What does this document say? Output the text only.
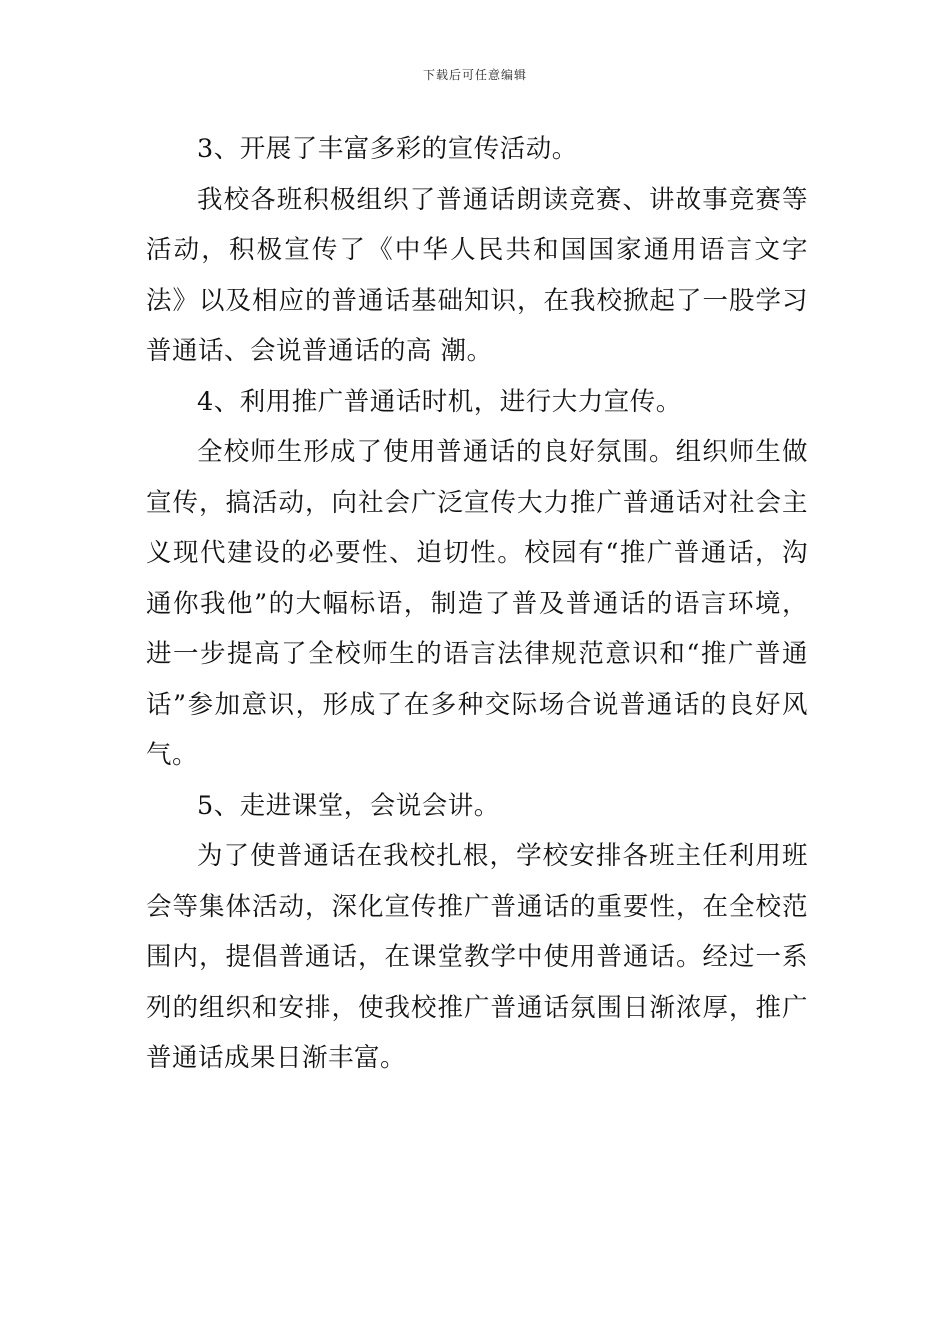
下载后可任意编辑

3、开展了丰富多彩的宣传活动。

我校各班积极组织了普通话朗读竞赛、讲故事竞赛等活动，积极宣传了《中华人民共和国国家通用语言文字法》以及相应的普通话基础知识，在我校掀起了一股学习普通话、会说普通话的高 潮。

4、利用推广普通话时机，进行大力宣传。

全校师生形成了使用普通话的良好氛围。组织师生做宣传，搞活动，向社会广泛宣传大力推广普通话对社会主义现代建设的必要性、迫切性。校园有“推广普通话，沟通你我他”的大幅标语，制造了普及普通话的语言环境，进一步提高了全校师生的语言法律规范意识和“推广普通话”参加意识，形成了在多种交际场合说普通话的良好风气。

5、走进课堂，会说会讲。

为了使普通话在我校扎根，学校安排各班主任利用班会等集体活动，深化宣传推广普通话的重要性，在全校范围内，提倡普通话，在课堂教学中使用普通话。经过一系列的组织和安排，使我校推广普通话氛围日渐浓厚，推广普通话成果日渐丰富。
